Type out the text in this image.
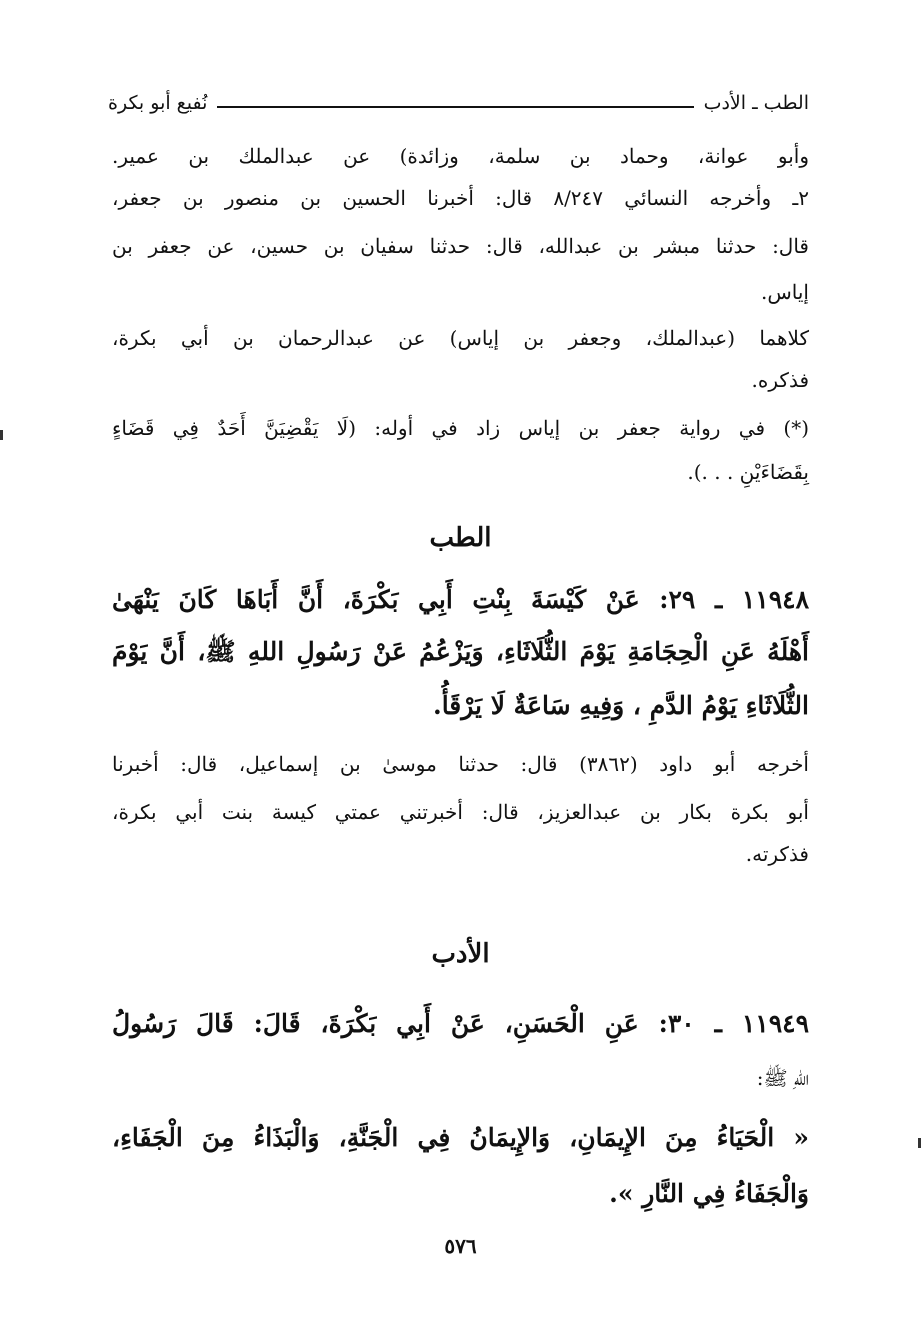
الطب ـ الأدب
نُفيع أبو بكرة
وأبو عوانة، وحماد بن سلمة، وزائدة) عن عبدالملك بن عمير.
٢ـ وأخرجه النسائي ٨/٢٤٧ قال: أخبرنا الحسين بن منصور بن جعفر،
قال: حدثنا مبشر بن عبدالله، قال: حدثنا سفيان بن حسين، عن جعفر بن
إياس.
كلاهما (عبدالملك، وجعفر بن إياس) عن عبدالرحمان بن أبي بكرة،
فذكره.
(*) في رواية جعفر بن إياس زاد في أوله: (لَا يَقْضِيَنَّ أَحَدٌ فِي قَضَاءٍ
بِقَضَاءَيْنِ . . .).
الطب
١١٩٤٨ ـ ٢٩: عَنْ كَيْسَةَ بِنْتِ أَبِي بَكْرَةَ، أَنَّ أَبَاهَا كَانَ يَنْهَىٰ
أَهْلَهُ عَنِ الْحِجَامَةِ يَوْمَ الثُّلَاثَاءِ، وَيَزْعُمُ عَنْ رَسُولِ اللهِ ﷺ، أَنَّ يَوْمَ
الثُّلَاثَاءِ يَوْمُ الدَّمِ ، وَفِيهِ سَاعَةٌ لَا يَرْقَأُ.
أخرجه أبو داود (٣٨٦٢) قال: حدثنا موسىٰ بن إسماعيل، قال: أخبرنا
أبو بكرة بكار بن عبدالعزيز، قال: أخبرتني عمتي كيسة بنت أبي بكرة،
فذكرته.
الأدب
١١٩٤٩ ـ ٣٠: عَنِ الْحَسَنِ، عَنْ أَبِي بَكْرَةَ، قَالَ: قَالَ رَسُولُ
اللهِ ﷺ:
« الْحَيَاءُ مِنَ الإِيمَانِ، وَالإِيمَانُ فِي الْجَنَّةِ، وَالْبَذَاءُ مِنَ الْجَفَاءِ،
وَالْجَفَاءُ فِي النَّارِ ».
٥٧٦
